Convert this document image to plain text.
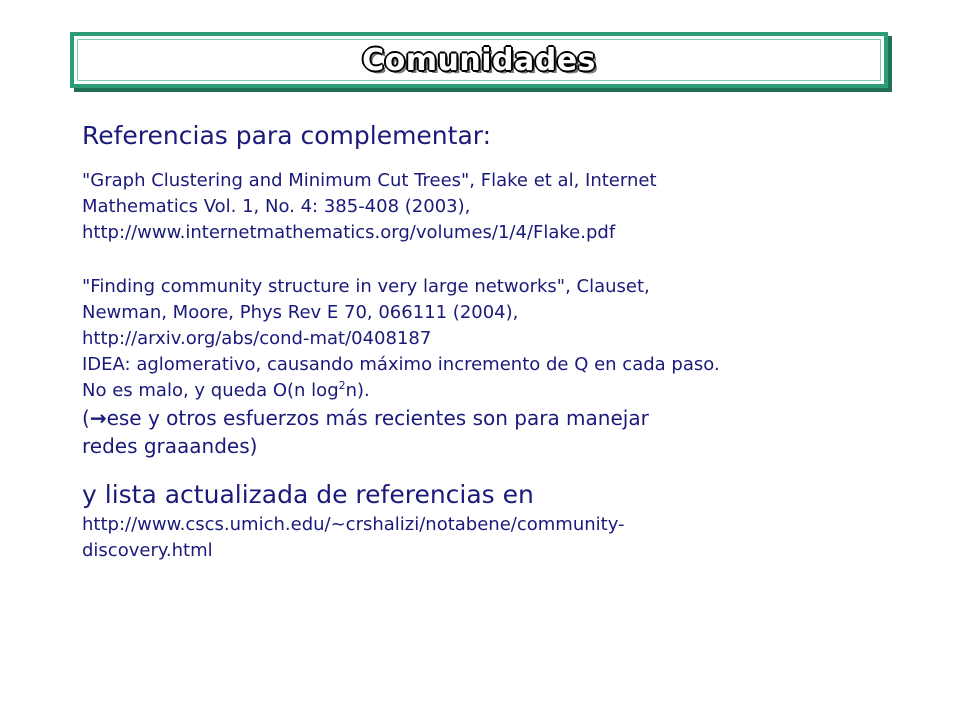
Comunidades
Referencias para complementar:

"Graph Clustering and Minimum Cut Trees", Flake et al, Internet

Mathematics Vol. 1, No. 4: 385-408 (2003),

http://www.internetmathematics.org/volumes/1/4/Flake.pdf

"Finding community structure in very large networks", Clauset,

Newman, Moore, Phys Rev E 70, 066111 (2004),

http://arxiv.org/abs/cond-mat/0408187

IDEA: aglomerativo, causando máximo incremento de Q en cada paso.

No es malo, y queda O(n $\log^2n$).

(→ese y otros esfuerzos más recientes son para manejar

redes graaandes)

y lista actualizada de referencias en

http://www.cscs.umich.edu/~crshalizi/notabene/community-

discovery.html
